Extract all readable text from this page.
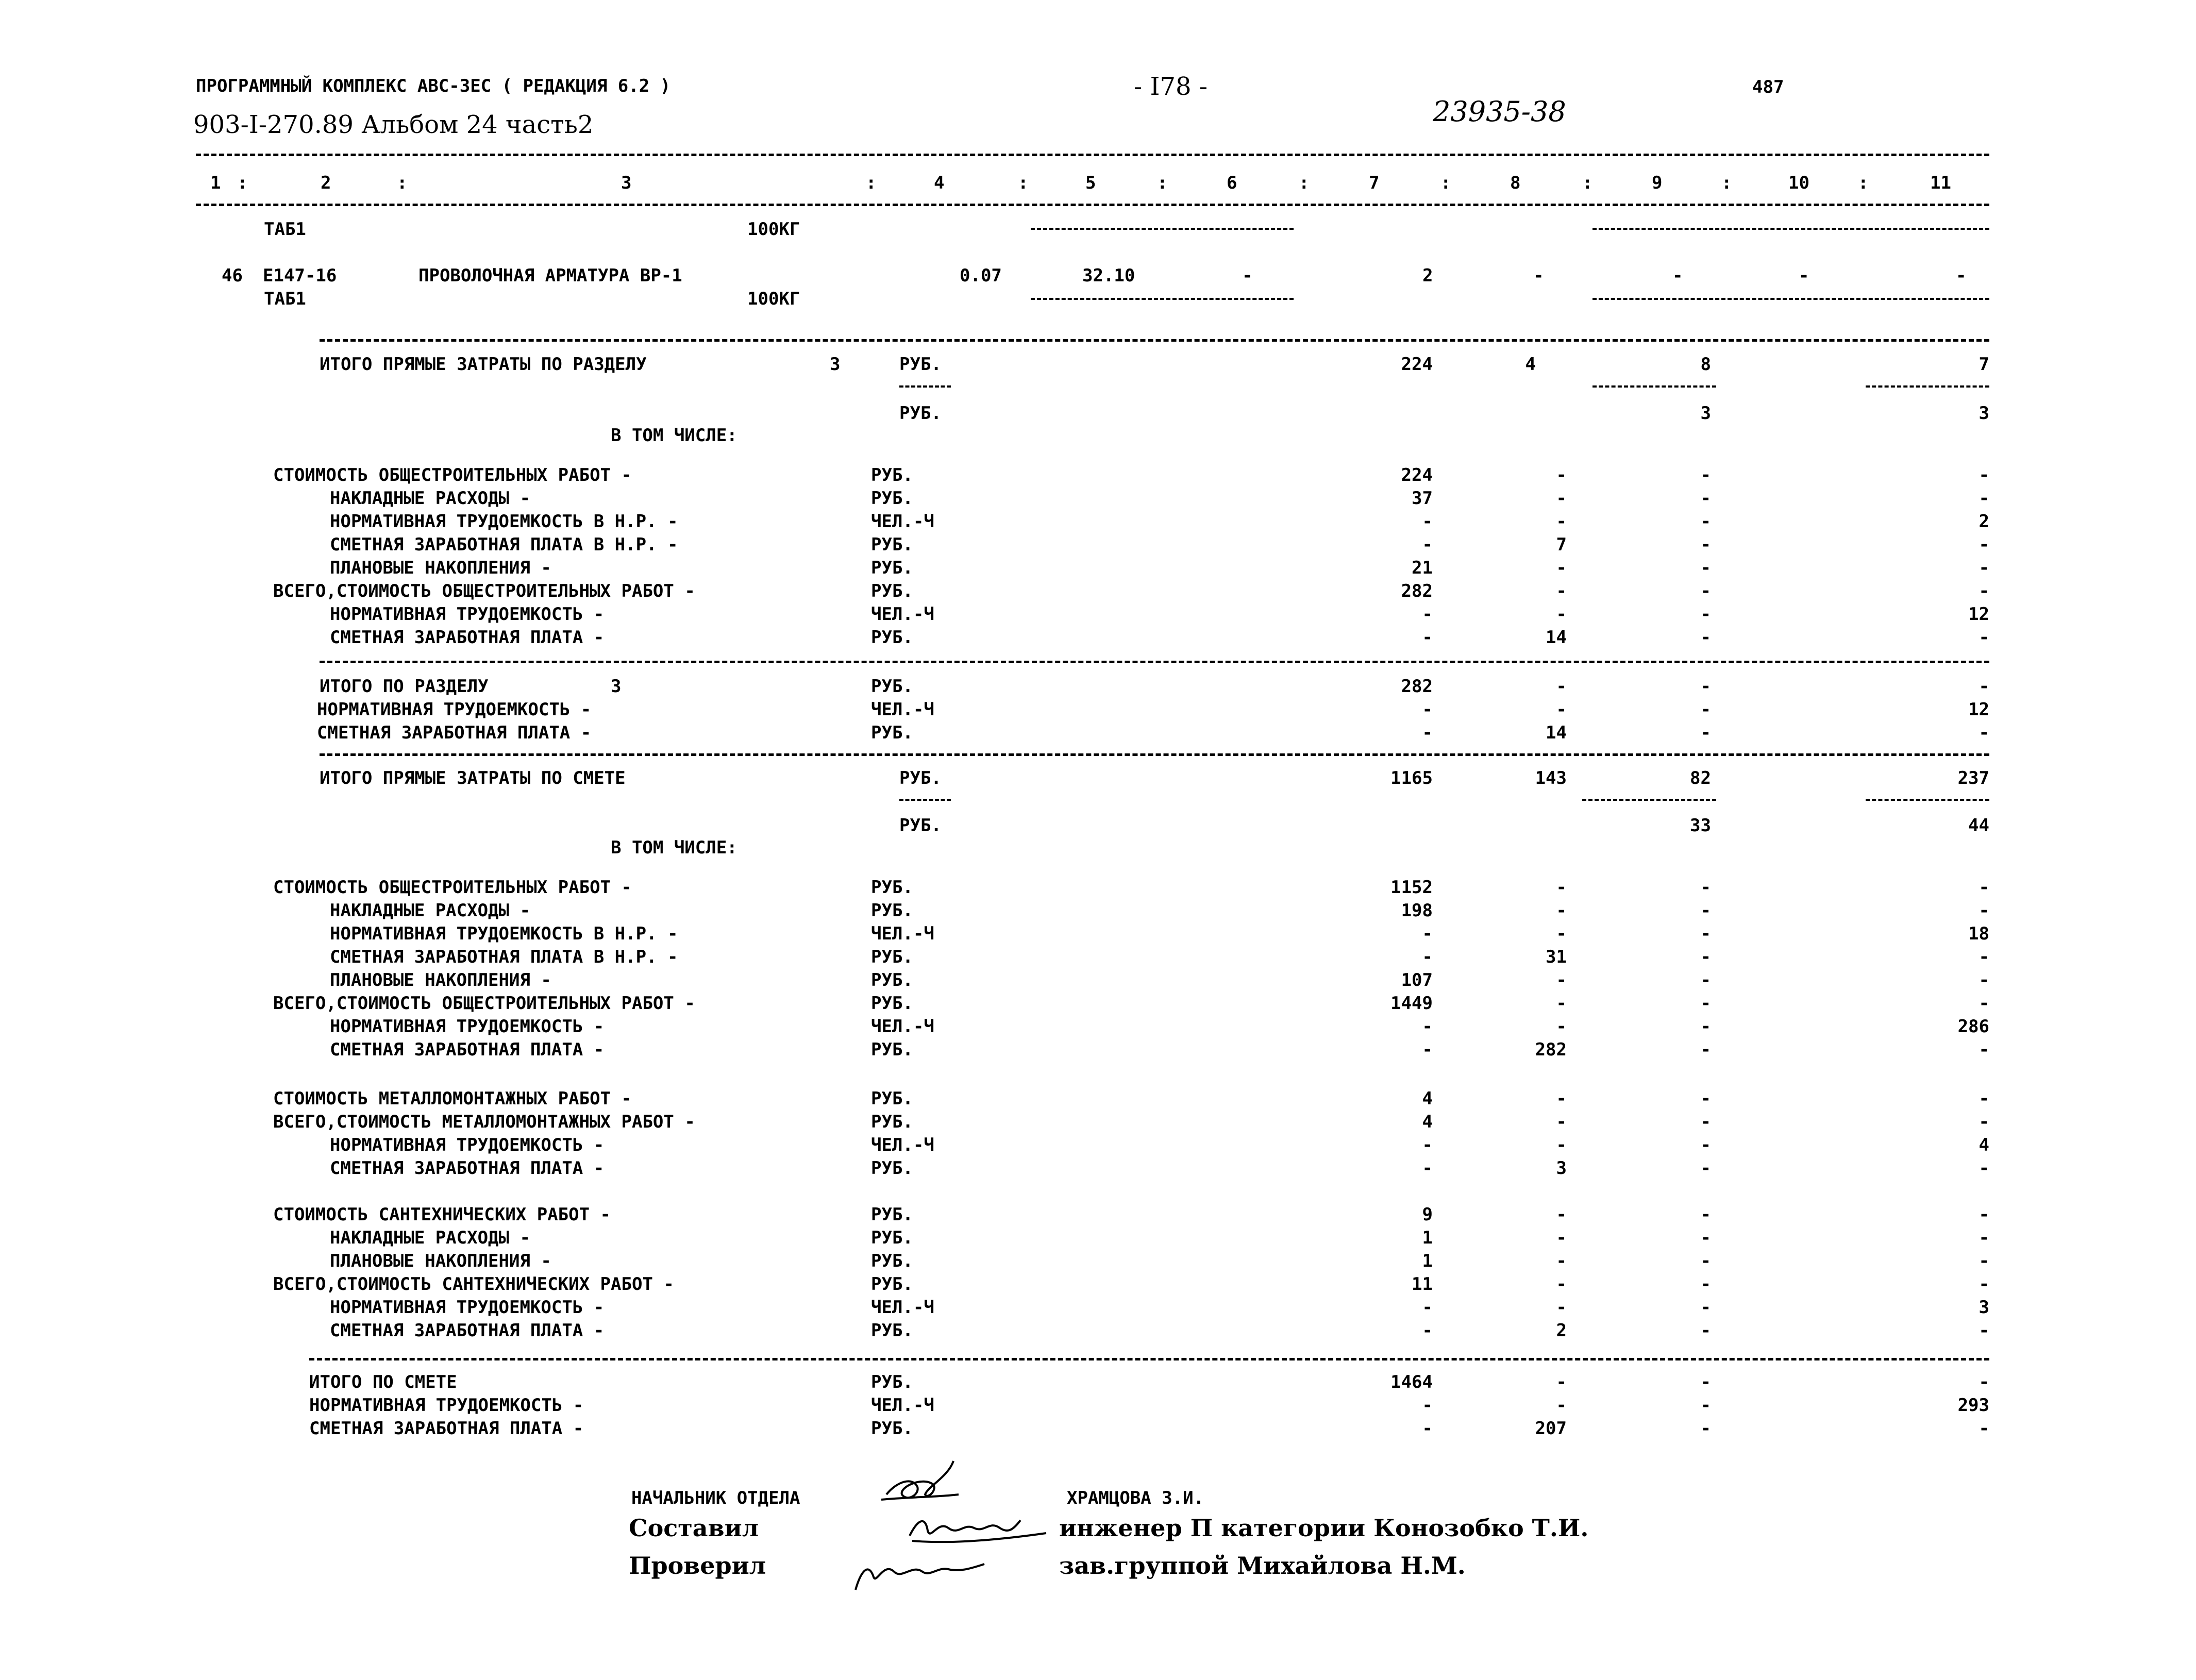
ПРОГРАММНЫЙ КОМПЛЕКС АВС-3ЕС ( РЕДАКЦИЯ 6.2 )	- I78 -	487
903-I-270.89 Альбом 24 часть2	23935-38
1	2	3	4	5	6	7	8	9	10	11
:	:	:	:	:	:	:	:	:	:
ТАБ1	100КГ
46 Е147-16	ПРОВОЛОЧНАЯ АРМАТУРА ВР-1	0.07	32.10	-	2	-	-	-	-
ТАБ1	100КГ
ИТОГО ПРЯМЫЕ ЗАТРАТЫ ПО РАЗДЕЛУ	3	РУБ.	224	4	8	7
РУБ.	3	3
В ТОМ ЧИСЛЕ:
СТОИМОСТЬ ОБЩЕСТРОИТЕЛЬНЫХ РАБОТ -	РУБ.	224	-	-	-
НАКЛАДНЫЕ РАСХОДЫ -	РУБ.	37	-	-	-
НОРМАТИВНАЯ ТРУДОЕМКОСТЬ В Н.Р. -	ЧЕЛ.-Ч	-	-	-	2
СМЕТНАЯ ЗАРАБОТНАЯ ПЛАТА В Н.Р. -	РУБ.	-	7	-	-
ПЛАНОВЫЕ НАКОПЛЕНИЯ -	РУБ.	21	-	-	-
ВСЕГО,СТОИМОСТЬ ОБЩЕСТРОИТЕЛЬНЫХ РАБОТ -	РУБ.	282	-	-	-
НОРМАТИВНАЯ ТРУДОЕМКОСТЬ -	ЧЕЛ.-Ч	-	-	-	12
СМЕТНАЯ ЗАРАБОТНАЯ ПЛАТА -	РУБ.	-	14	-	-
ИТОГО ПО РАЗДЕЛУ	3	РУБ.	282	-	-	-
НОРМАТИВНАЯ ТРУДОЕМКОСТЬ -	ЧЕЛ.-Ч	-	-	-	12
СМЕТНАЯ ЗАРАБОТНАЯ ПЛАТА -	РУБ.	-	14	-	-
ИТОГО ПРЯМЫЕ ЗАТРАТЫ ПО СМЕТЕ	РУБ.	1165	143	82	237
РУБ.	33	44
В ТОМ ЧИСЛЕ:
СТОИМОСТЬ ОБЩЕСТРОИТЕЛЬНЫХ РАБОТ -	РУБ.	1152	-	-	-
НАКЛАДНЫЕ РАСХОДЫ -	РУБ.	198	-	-	-
НОРМАТИВНАЯ ТРУДОЕМКОСТЬ В Н.Р. -	ЧЕЛ.-Ч	-	-	-	18
СМЕТНАЯ ЗАРАБОТНАЯ ПЛАТА В Н.Р. -	РУБ.	-	31	-	-
ПЛАНОВЫЕ НАКОПЛЕНИЯ -	РУБ.	107	-	-	-
ВСЕГО,СТОИМОСТЬ ОБЩЕСТРОИТЕЛЬНЫХ РАБОТ -	РУБ.	1449	-	-	-
НОРМАТИВНАЯ ТРУДОЕМКОСТЬ -	ЧЕЛ.-Ч	-	-	-	286
СМЕТНАЯ ЗАРАБОТНАЯ ПЛАТА -	РУБ.	-	282	-	-
НАЧАЛЬНИК ОТДЕЛА	ХРАМЦОВА З.И.
Составил	инженер П категории Конозобко Т.И.
Проверил	зав.группой Михайлова Н.М.
СТОИМОСТЬ МЕТАЛЛОМОНТАЖНЫХ РАБОТ -	РУБ.	4	-	-	-
ВСЕГО,СТОИМОСТЬ МЕТАЛЛОМОНТАЖНЫХ РАБОТ -	РУБ.	4	-	-	-
НОРМАТИВНАЯ ТРУДОЕМКОСТЬ -	ЧЕЛ.-Ч	-	-	-	4
СМЕТНАЯ ЗАРАБОТНАЯ ПЛАТА -	РУБ.	-	3	-	-
СТОИМОСТЬ САНТЕХНИЧЕСКИХ РАБОТ -	РУБ.	9	-	-	-
НАКЛАДНЫЕ РАСХОДЫ -	РУБ.	1	-	-	-
ПЛАНОВЫЕ НАКОПЛЕНИЯ -	РУБ.	1	-	-	-
ВСЕГО,СТОИМОСТЬ САНТЕХНИЧЕСКИХ РАБОТ -	РУБ.	11	-	-	-
НОРМАТИВНАЯ ТРУДОЕМКОСТЬ -	ЧЕЛ.-Ч	-	-	-	3
СМЕТНАЯ ЗАРАБОТНАЯ ПЛАТА -	РУБ.	-	2	-	-
ИТОГО ПО СМЕТЕ	РУБ.	1464	-	-	-
НОРМАТИВНАЯ ТРУДОЕМКОСТЬ -	ЧЕЛ.-Ч	-	-	-	293
СМЕТНАЯ ЗАРАБОТНАЯ ПЛАТА -	РУБ.	-	207	-	-
